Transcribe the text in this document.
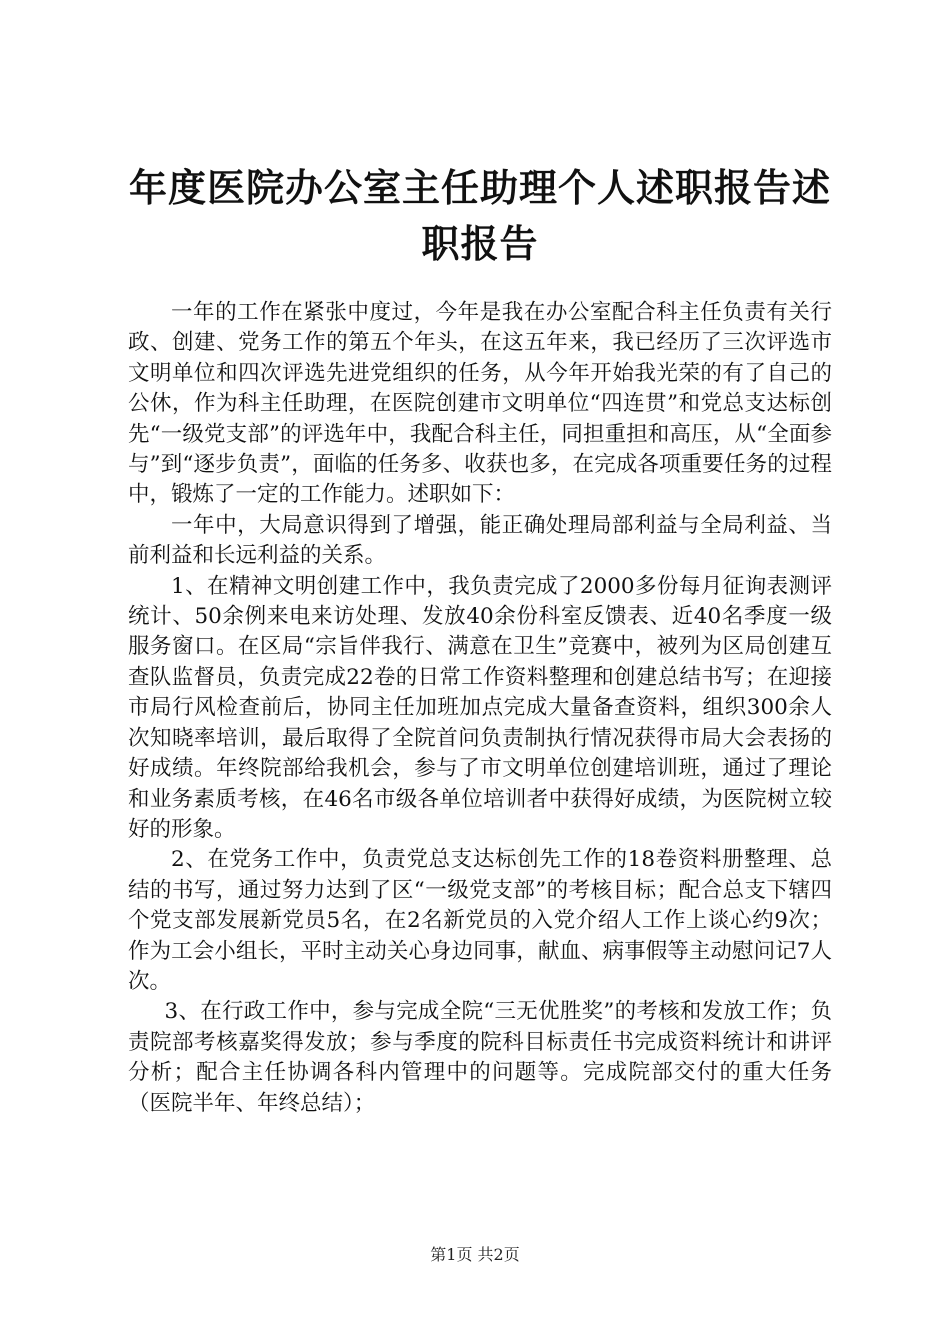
年度医院办公室主任助理个人述职报告述职报告

一年的工作在紧张中度过，今年是我在办公室配合科主任负责有关行政、创建、党务工作的第五个年头，在这五年来，我已经历了三次评选市文明单位和四次评选先进党组织的任务，从今年开始我光荣的有了自己的公休，作为科主任助理，在医院创建市文明单位“四连贯”和党总支达标创先“一级党支部”的评选年中，我配合科主任，同担重担和高压，从“全面参与”到“逐步负责”，面临的任务多、收获也多，在完成各项重要任务的过程中，锻炼了一定的工作能力。述职如下：

一年中，大局意识得到了增强，能正确处理局部利益与全局利益、当前利益和长远利益的关系。

1、在精神文明创建工作中，我负责完成了2000多份每月征询表测评统计、50余例来电来访处理、发放40余份科室反馈表、近40名季度一级服务窗口。在区局“宗旨伴我行、满意在卫生”竞赛中，被列为区局创建互查队监督员，负责完成22卷的日常工作资料整理和创建总结书写；在迎接市局行风检查前后，协同主任加班加点完成大量备查资料，组织300余人次知晓率培训，最后取得了全院首问负责制执行情况获得市局大会表扬的好成绩。年终院部给我机会，参与了市文明单位创建培训班，通过了理论和业务素质考核，在46名市级各单位培训者中获得好成绩，为医院树立较好的形象。

2、在党务工作中，负责党总支达标创先工作的18卷资料册整理、总结的书写，通过努力达到了区“一级党支部”的考核目标；配合总支下辖四个党支部发展新党员5名，在2名新党员的入党介绍人工作上谈心约9次；作为工会小组长，平时主动关心身边同事，献血、病事假等主动慰问记7人次。

3、在行政工作中，参与完成全院“三无优胜奖”的考核和发放工作；负责院部考核嘉奖得发放；参与季度的院科目标责任书完成资料统计和讲评分析；配合主任协调各科内管理中的问题等。完成院部交付的重大任务（医院半年、年终总结）；

第1页 共2页
